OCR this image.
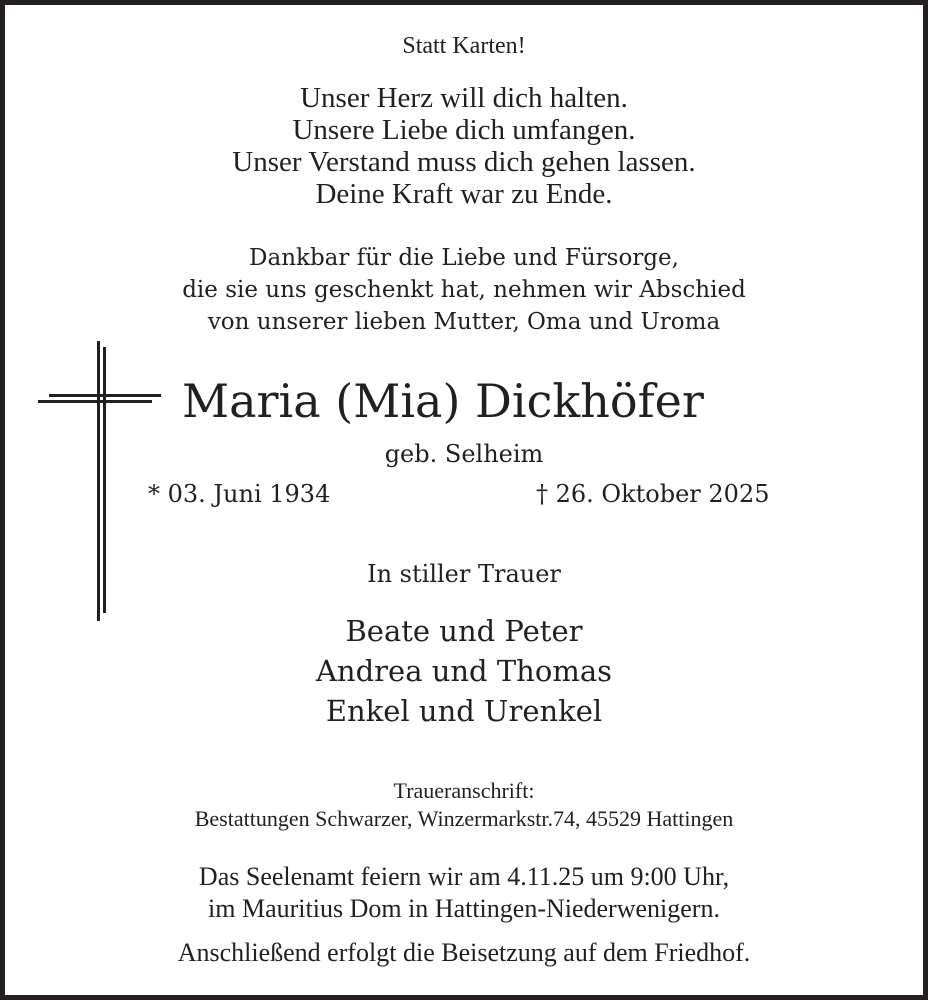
Statt Karten!
Unser Herz will dich halten.
Unsere Liebe dich umfangen.
Unser Verstand muss dich gehen lassen.
Deine Kraft war zu Ende.
Dankbar für die Liebe und Fürsorge,
die sie uns geschenkt hat, nehmen wir Abschied
von unserer lieben Mutter, Oma und Uroma
Maria (Mia) Dickhöfer
geb. Selheim
* 03. Juni 1934	† 26. Oktober 2025
In stiller Trauer
Beate und Peter
Andrea und Thomas
Enkel und Urenkel
Traueranschrift:
Bestattungen Schwarzer, Winzermarkstr.74, 45529 Hattingen
Das Seelenamt feiern wir am 4.11.25 um 9:00 Uhr,
im Mauritius Dom in Hattingen-Niederwenigern.
Anschließend erfolgt die Beisetzung auf dem Friedhof.
